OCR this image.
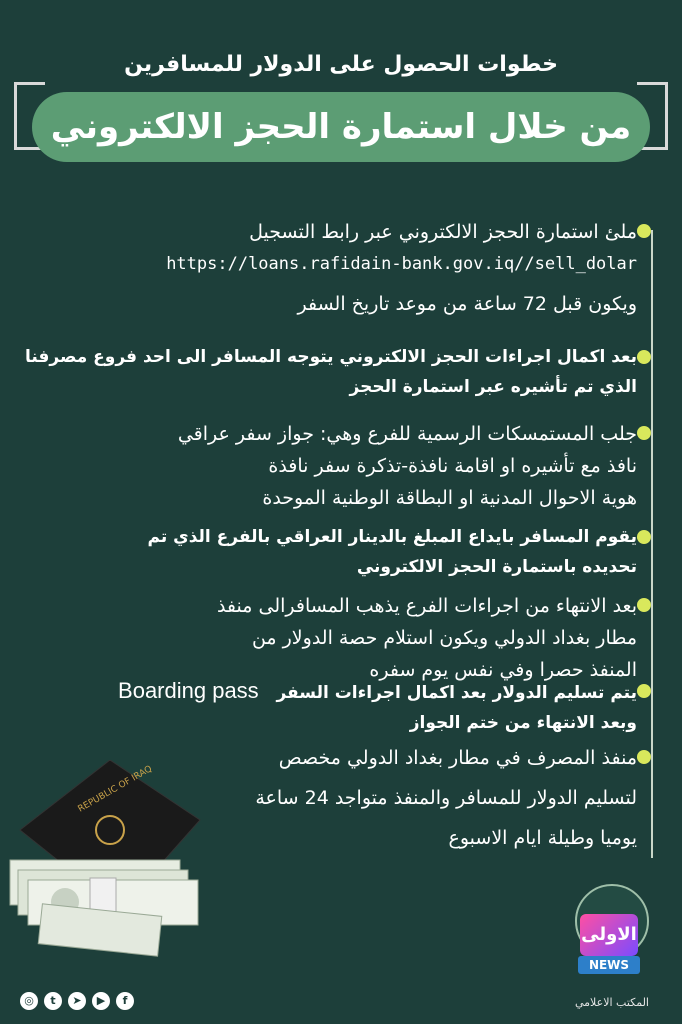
خطوات الحصول على الدولار للمسافرين
من خلال استمارة الحجز الالكتروني
ملئ استمارة الحجز الالكتروني عبر رابط التسجيل
https://loans.rafidain-bank.gov.iq//sell_dolar
ويكون قبل 72 ساعة من موعد تاريخ السفر
بعد اكمال اجراءات الحجز الالكتروني يتوجه المسافر الى احد فروع مصرفنا
الذي تم تأشيره عبر استمارة الحجز
جلب المستمسكات الرسمية للفرع وهي: جواز سفر عراقي
نافذ مع تأشيره او اقامة نافذة-تذكرة سفر نافذة
هوية الاحوال المدنية او البطاقة الوطنية الموحدة
يقوم المسافر بايداع المبلغ بالدينار العراقي بالفرع الذي تم
تحديده باستمارة الحجز الالكتروني
بعد الانتهاء من اجراءات الفرع يذهب المسافرالى منفذ
مطار بغداد الدولي ويكون استلام حصة الدولار من
المنفذ حصرا وفي نفس يوم سفره
يتم تسليم الدولار بعد اكمال اجراءات السفر   Boarding pass
وبعد الانتهاء من ختم الجواز
منفذ المصرف في مطار بغداد الدولي مخصص
لتسليم الدولار للمسافر والمنفذ متواجد 24 ساعة
يوميا وطيلة ايام الاسبوع
REPUBLIC OF IRAQ
الاولى
NEWS
المكتب الاعلامي
◎	t	➤	▶	f
